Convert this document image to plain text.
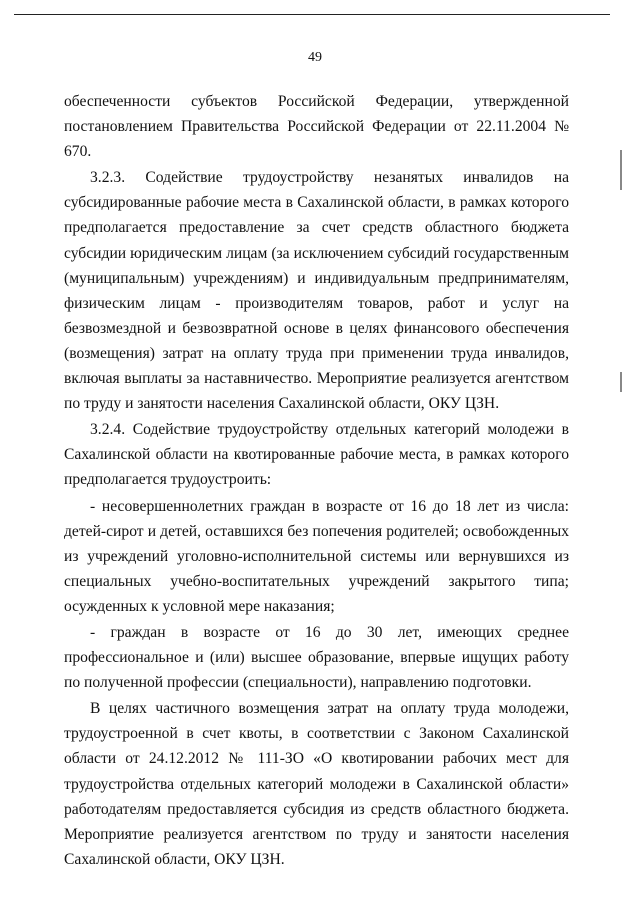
49

обеспеченности субъектов Российской Федерации, утвержденной постановлением Правительства Российской Федерации от 22.11.2004 № 670.

3.2.3. Содействие трудоустройству незанятых инвалидов на субсидированные рабочие места в Сахалинской области, в рамках которого предполагается предоставление за счет средств областного бюджета субсидии юридическим лицам (за исключением субсидий государственным (муниципальным) учреждениям) и индивидуальным предпринимателям, физическим лицам - производителям товаров, работ и услуг на безвозмездной и безвозвратной основе в целях финансового обеспечения (возмещения) затрат на оплату труда при применении труда инвалидов, включая выплаты за наставничество. Мероприятие реализуется агентством по труду и занятости населения Сахалинской области, ОКУ ЦЗН.

3.2.4. Содействие трудоустройству отдельных категорий молодежи в Сахалинской области на квотированные рабочие места, в рамках которого предполагается трудоустроить:

- несовершеннолетних граждан в возрасте от 16 до 18 лет из числа: детей-сирот и детей, оставшихся без попечения родителей; освобожденных из учреждений уголовно-исполнительной системы или вернувшихся из специальных учебно-воспитательных учреждений закрытого типа; осужденных к условной мере наказания;

- граждан в возрасте от 16 до 30 лет, имеющих среднее профессиональное и (или) высшее образование, впервые ищущих работу по полученной профессии (специальности), направлению подготовки.

В целях частичного возмещения затрат на оплату труда молодежи, трудоустроенной в счет квоты, в соответствии с Законом Сахалинской области от 24.12.2012 № 111-ЗО «О квотировании рабочих мест для трудоустройства отдельных категорий молодежи в Сахалинской области» работодателям предоставляется субсидия из средств областного бюджета. Мероприятие реализуется агентством по труду и занятости населения Сахалинской области, ОКУ ЦЗН.
